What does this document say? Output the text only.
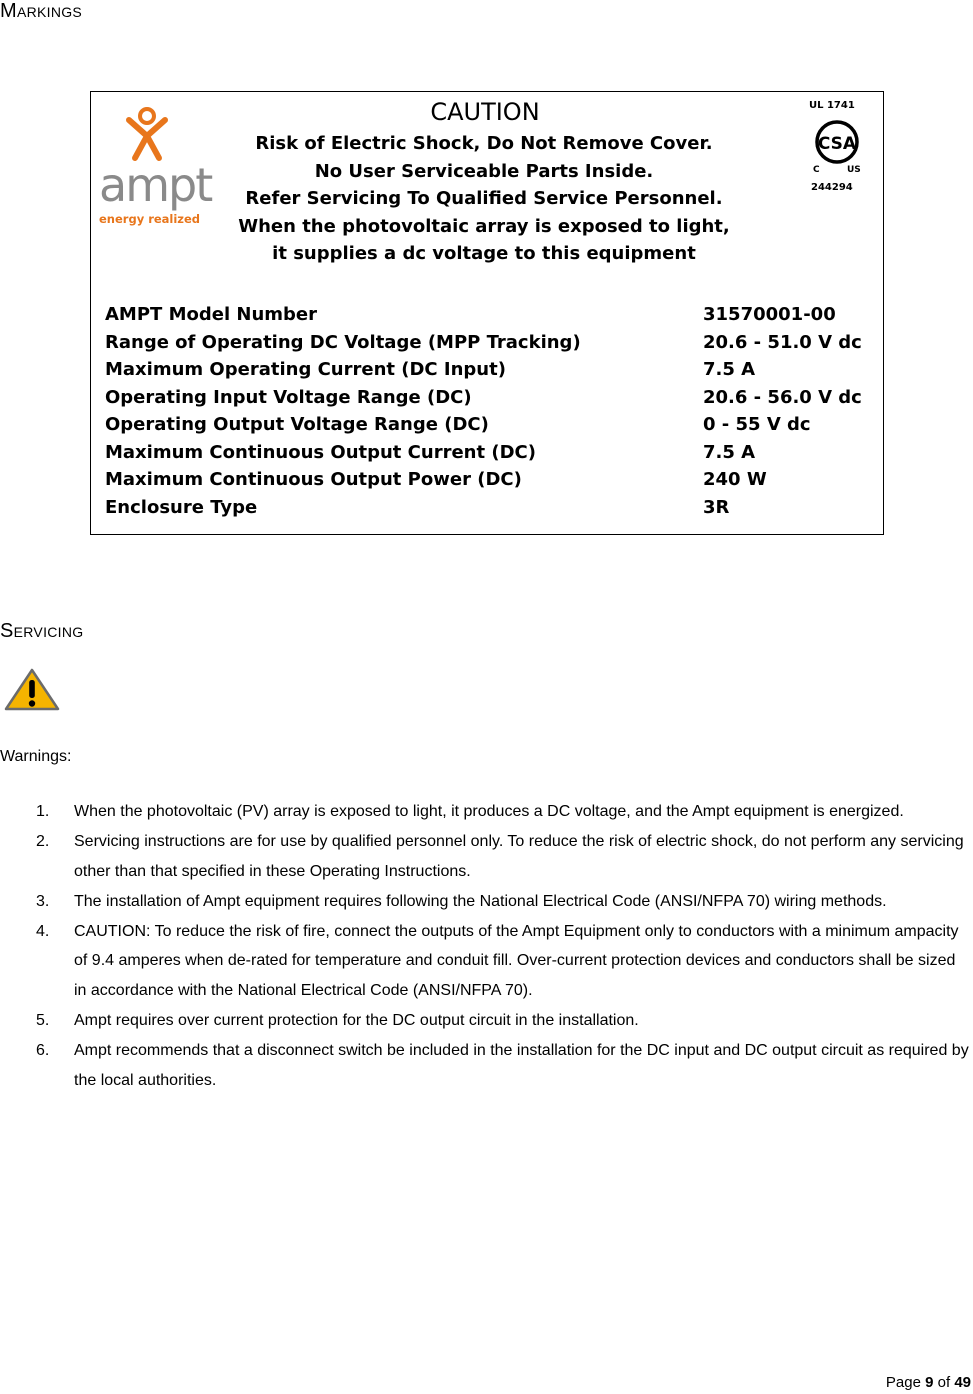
Markings
ampt
energy realized
CAUTION
Risk of Electric Shock, Do Not Remove Cover.
No User Serviceable Parts Inside.
Refer Servicing To Qualified Service Personnel.
When the photovoltaic array is exposed to light,
it supplies a dc voltage to this equipment
UL 1741
CSA
C	US
244294
AMPT Model Number	31570001-00
Range of Operating DC Voltage (MPP Tracking)	20.6 - 51.0 V dc
Maximum Operating Current (DC Input)	7.5 A
Operating Input Voltage Range (DC)	20.6 - 56.0 V dc
Operating Output Voltage Range (DC)	0 - 55 V dc
Maximum Continuous Output Current (DC)	7.5 A
Maximum Continuous Output Power (DC)	240 W
Enclosure Type	3R
Servicing
Warnings:
1. When the photovoltaic (PV) array is exposed to light, it produces a DC voltage, and the Ampt equipment is energized.
2. Servicing instructions are for use by qualified personnel only. To reduce the risk of electric shock, do not perform any servicing other than that specified in these Operating Instructions.
3. The installation of Ampt equipment requires following the National Electrical Code (ANSI/NFPA 70) wiring methods.
4. CAUTION: To reduce the risk of fire, connect the outputs of the Ampt Equipment only to conductors with a minimum ampacity of 9.4 amperes when de-rated for temperature and conduit fill. Over-current protection devices and conductors shall be sized in accordance with the National Electrical Code (ANSI/NFPA 70).
5. Ampt requires over current protection for the DC output circuit in the installation.
6. Ampt recommends that a disconnect switch be included in the installation for the DC input and DC output circuit as required by the local authorities.
Page 9 of 49
